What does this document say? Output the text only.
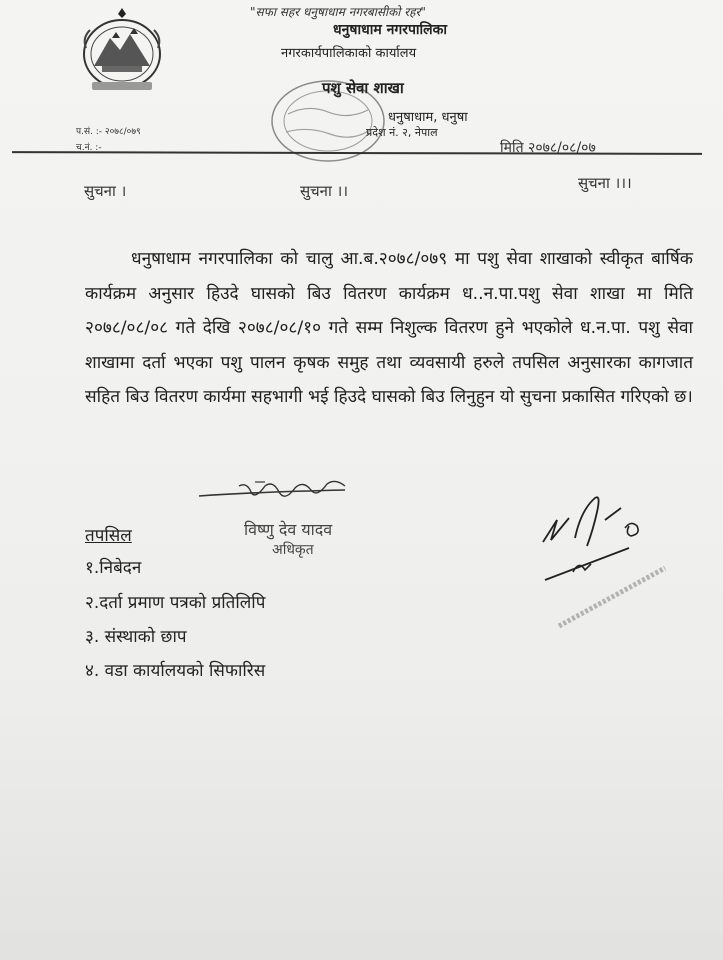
"सफा सहर धनुषाधाम नगरबासीको रहर"
धनुषाधाम नगरपालिका
नगरकार्यपालिकाको कार्यालय
पशु सेवा शाखा
धनुषाधाम, धनुषा
प्रदेश नं. २, नेपाल
प.सं. :- २०७८/०७९
च.नं. :-	मिति २०७८/०८/०७
सुचना ।	सुचना ।।	सुचना ।।।

धनुषाधाम नगरपालिका को चालु आ.ब.२०७८/०७९ मा पशु सेवा शाखाको स्वीकृत बार्षिक कार्यक्रम अनुसार हिउदे घासको बिउ वितरण कार्यक्रम ध..न.पा.पशु सेवा शाखा मा मिति २०७८/०८/०८ गते देखि २०७८/०८/१० गते सम्म निशुल्क वितरण हुने भएकोले ध.न.पा. पशु सेवा शाखामा दर्ता भएका पशु पालन कृषक समुह तथा व्यवसायी हरुले तपसिल अनुसारका कागजात सहित बिउ वितरण कार्यमा सहभागी भई हिउदे घासको बिउ लिनुहुन यो सुचना प्रकासित गरिएको छ।

विष्णु देव यादव
अधिकृत
तपसिल
१.निबेदन
२.दर्ता प्रमाण पत्रको प्रतिलिपि
३. संस्थाको छाप
४. वडा कार्यालयको सिफारिस
